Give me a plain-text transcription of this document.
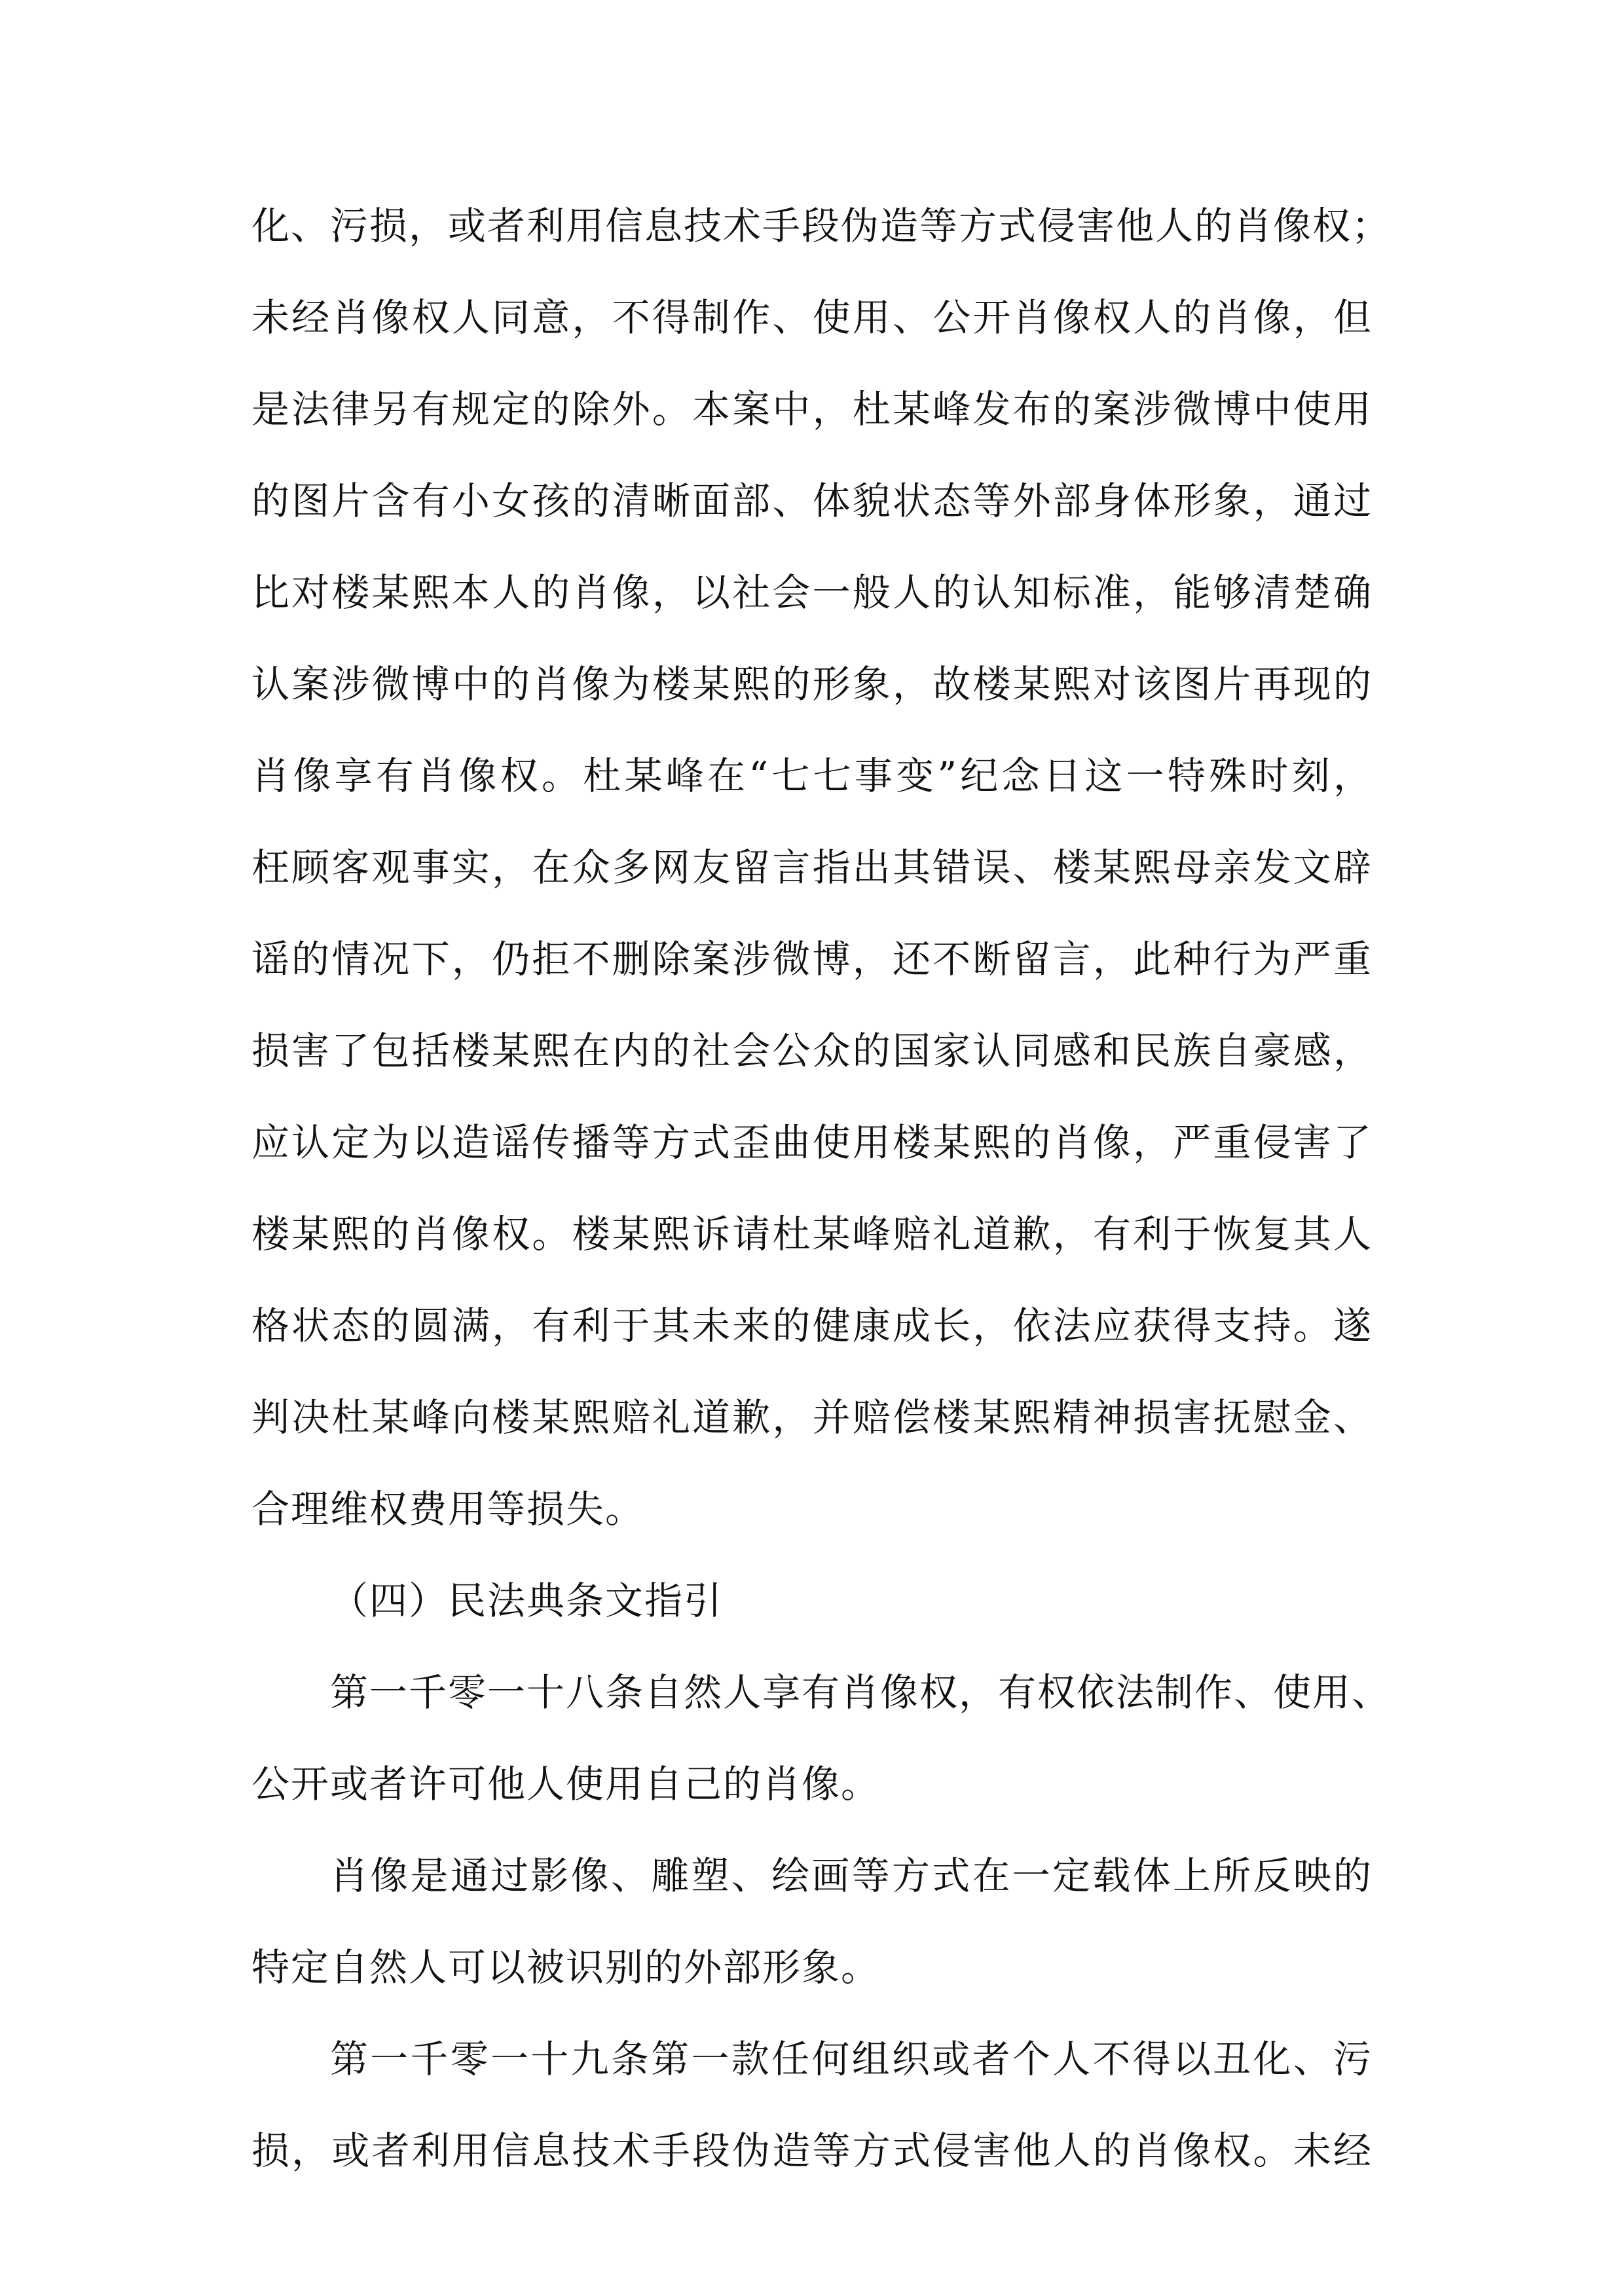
化、污损，或者利用信息技术手段伪造等方式侵害他人的肖像权；
未经肖像权人同意，不得制作、使用、公开肖像权人的肖像，但
是法律另有规定的除外。本案中，杜某峰发布的案涉微博中使用
的图片含有小女孩的清晰面部、体貌状态等外部身体形象，通过
比对楼某熙本人的肖像，以社会一般人的认知标准，能够清楚确
认案涉微博中的肖像为楼某熙的形象，故楼某熙对该图片再现的
肖像享有肖像权。杜某峰在“七七事变”纪念日这一特殊时刻，
枉顾客观事实，在众多网友留言指出其错误、楼某熙母亲发文辟
谣的情况下，仍拒不删除案涉微博，还不断留言，此种行为严重
损害了包括楼某熙在内的社会公众的国家认同感和民族自豪感，
应认定为以造谣传播等方式歪曲使用楼某熙的肖像，严重侵害了
楼某熙的肖像权。楼某熙诉请杜某峰赔礼道歉，有利于恢复其人
格状态的圆满，有利于其未来的健康成长，依法应获得支持。遂
判决杜某峰向楼某熙赔礼道歉，并赔偿楼某熙精神损害抚慰金、
合理维权费用等损失。
（四）民法典条文指引
第一千零一十八条自然人享有肖像权，有权依法制作、使用、
公开或者许可他人使用自己的肖像。
肖像是通过影像、雕塑、绘画等方式在一定载体上所反映的
特定自然人可以被识别的外部形象。
第一千零一十九条第一款任何组织或者个人不得以丑化、污
损，或者利用信息技术手段伪造等方式侵害他人的肖像权。未经
